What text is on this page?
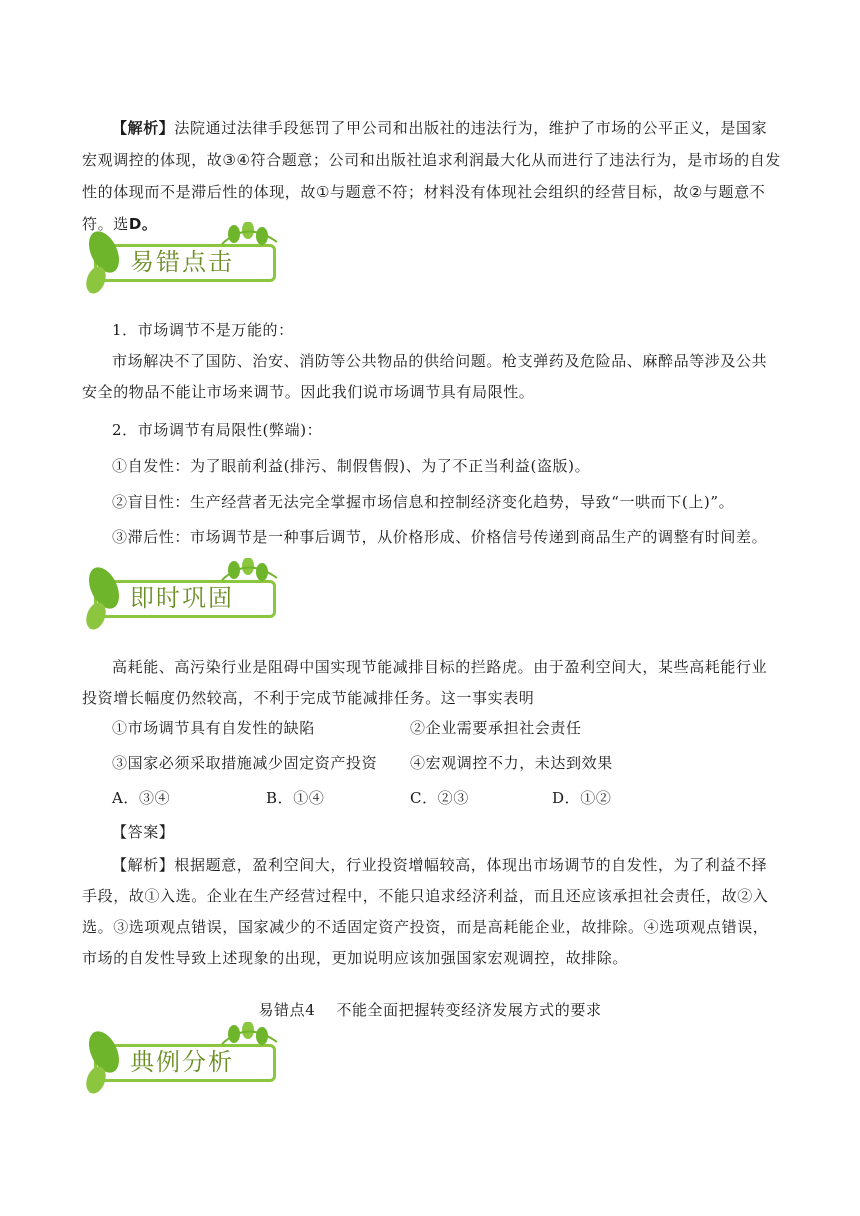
【解析】法院通过法律手段惩罚了甲公司和出版社的违法行为，维护了市场的公平正义，是国家宏观调控的体现，故③④符合题意；公司和出版社追求利润最大化从而进行了违法行为，是市场的自发性的体现而不是滞后性的体现，故①与题意不符；材料没有体现社会组织的经营目标，故②与题意不符。选D。

易错点击
1．市场调节不是万能的：

市场解决不了国防、治安、消防等公共物品的供给问题。枪支弹药及危险品、麻醉品等涉及公共安全的物品不能让市场来调节。因此我们说市场调节具有局限性。

2．市场调节有局限性(弊端)：
①自发性：为了眼前利益(排污、制假售假)、为了不正当利益(盗版)。
②盲目性：生产经营者无法完全掌握市场信息和控制经济变化趋势，导致“一哄而下(上)”。
③滞后性：市场调节是一种事后调节，从价格形成、价格信号传递到商品生产的调整有时间差。
即时巩固

高耗能、高污染行业是阻碍中国实现节能减排目标的拦路虎。由于盈利空间大，某些高耗能行业投资增长幅度仍然较高，不利于完成节能减排任务。这一事实表明

①市场调节具有自发性的缺陷	②企业需要承担社会责任
③国家必须采取措施减少固定资产投资 ④宏观调控不力，未达到效果
A．③④	B．①④	C．②③	D．①②
【答案】

【解析】根据题意，盈利空间大，行业投资增幅较高，体现出市场调节的自发性，为了利益不择手段，故①入选。企业在生产经营过程中，不能只追求经济利益，而且还应该承担社会责任，故②入选。③选项观点错误，国家减少的不适固定资产投资，而是高耗能企业，故排除。④选项观点错误，市场的自发性导致上述现象的出现，更加说明应该加强国家宏观调控，故排除。

易错点4　 不能全面把握转变经济发展方式的要求
典例分析
